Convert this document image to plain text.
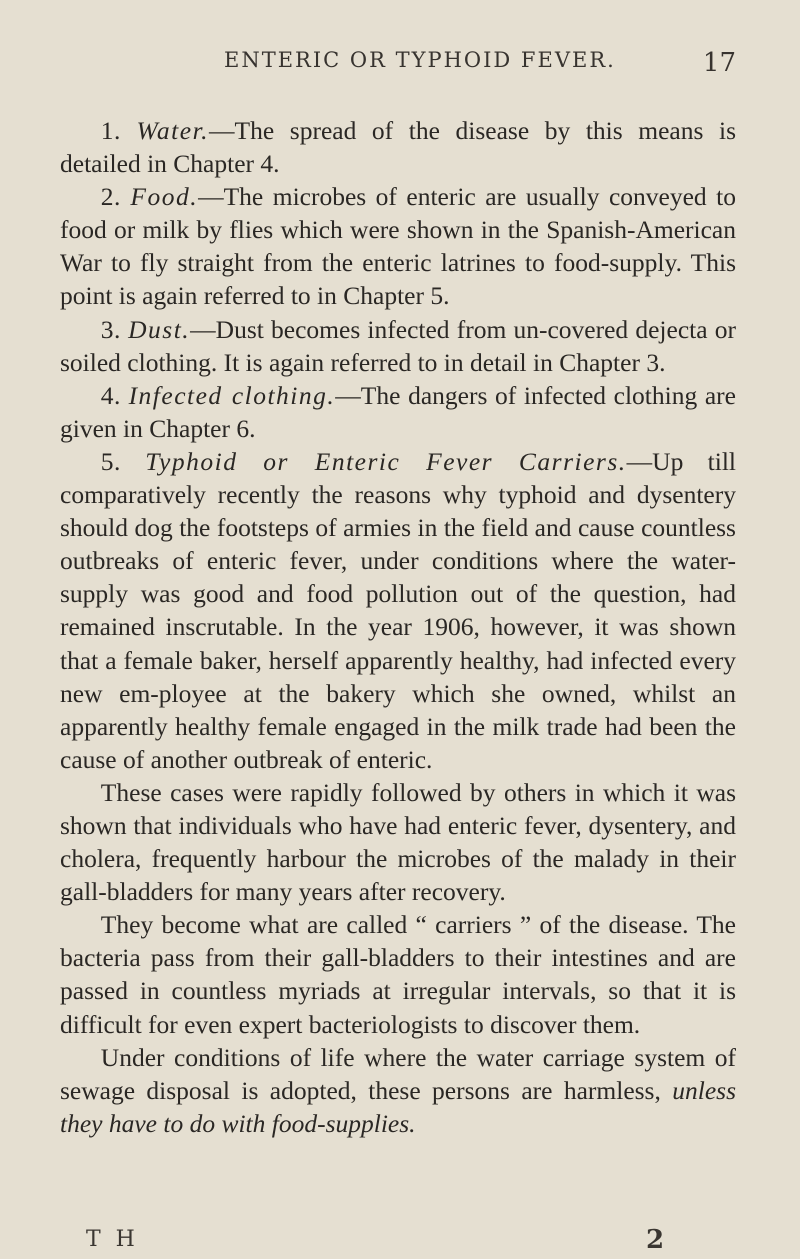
ENTERIC OR TYPHOID FEVER.	17

1. Water.—The spread of the disease by this means is detailed in Chapter 4.

2. Food.—The microbes of enteric are usually conveyed to food or milk by flies which were shown in the Spanish-American War to fly straight from the enteric latrines to food-supply. This point is again referred to in Chapter 5.

3. Dust.—Dust becomes infected from un-covered dejecta or soiled clothing. It is again referred to in detail in Chapter 3.

4. Infected clothing.—The dangers of infected clothing are given in Chapter 6.

5. Typhoid or Enteric Fever Carriers.—Up till comparatively recently the reasons why typhoid and dysentery should dog the footsteps of armies in the field and cause countless outbreaks of enteric fever, under conditions where the water-supply was good and food pollution out of the question, had remained inscrutable. In the year 1906, however, it was shown that a female baker, herself apparently healthy, had infected every new em-ployee at the bakery which she owned, whilst an apparently healthy female engaged in the milk trade had been the cause of another outbreak of enteric.

These cases were rapidly followed by others in which it was shown that individuals who have had enteric fever, dysentery, and cholera, frequently harbour the microbes of the malady in their gall-bladders for many years after recovery.

They become what are called “ carriers ” of the disease. The bacteria pass from their gall-bladders to their intestines and are passed in countless myriads at irregular intervals, so that it is difficult for even expert bacteriologists to discover them.

Under conditions of life where the water carriage system of sewage disposal is adopted, these persons are harmless, unless they have to do with food-supplies.

T H	2
